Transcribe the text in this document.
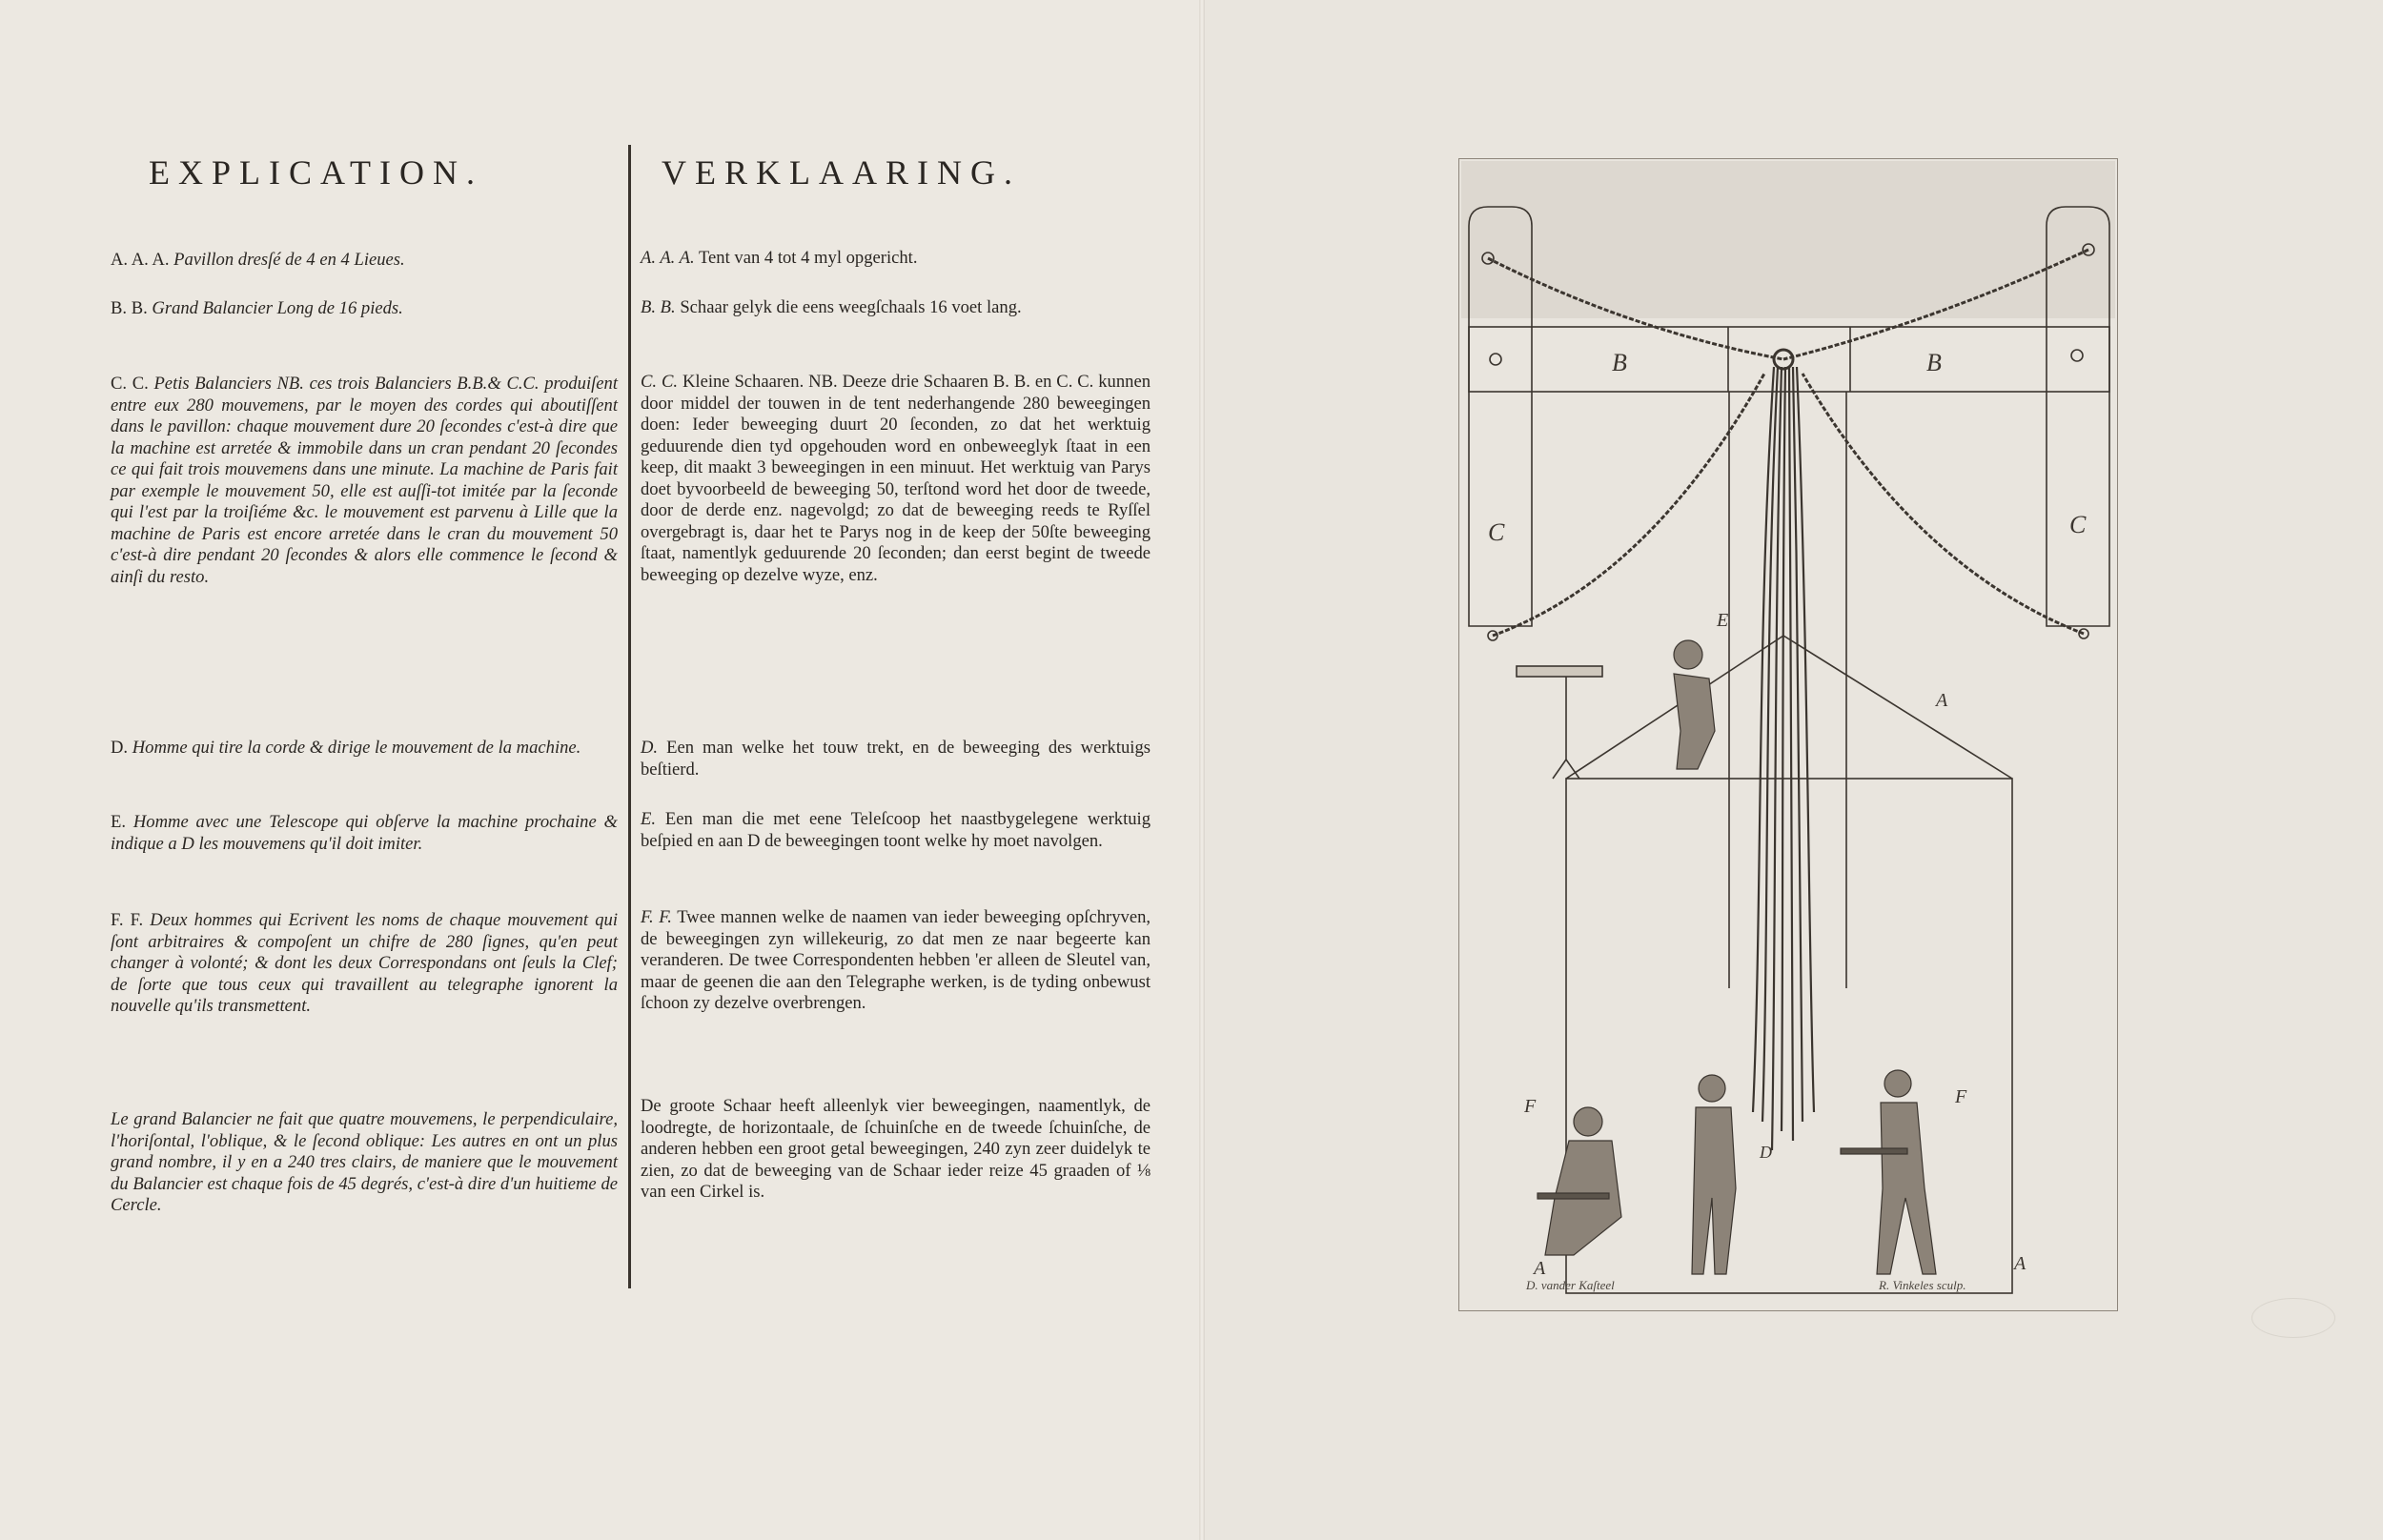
EXPLICATION.

A. A. A. Pavillon dresſé de 4 en 4 Lieues.

B. B. Grand Balancier Long de 16 pieds.

C. C. Petis Balanciers NB. ces trois Balanciers B.B.& C.C. produiſent entre eux 280 mouvemens, par le moyen des cordes qui aboutiſſent dans le pavillon: chaque mouvement dure 20 ſecondes c'est-à dire que la machine est arretée & immobile dans un cran pendant 20 ſecondes ce qui fait trois mouvemens dans une minute. La machine de Paris fait par exemple le mouvement 50, elle est auſſi-tot imitée par la ſeconde qui l'est par la troiſiéme &c. le mouvement est parvenu à Lille que la machine de Paris est encore arretée dans le cran du mouvement 50 c'est-à dire pendant 20 ſecondes & alors elle commence le ſecond & ainſi du resto.

D. Homme qui tire la corde & dirige le mouvement de la machine.

E. Homme avec une Telescope qui obſerve la machine prochaine & indique a D les mouvemens qu'il doit imiter.

F. F. Deux hommes qui Ecrivent les noms de chaque mouvement qui ſont arbitraires & compoſent un chifre de 280 ſignes, qu'en peut changer à volonté; & dont les deux Correspondans ont ſeuls la Clef; de ſorte que tous ceux qui travaillent au telegraphe ignorent la nouvelle qu'ils transmettent.

Le grand Balancier ne fait que quatre mouvemens, le perpendiculaire, l'horiſontal, l'oblique, & le ſecond oblique: Les autres en ont un plus grand nombre, il y en a 240 tres clairs, de maniere que le mouvement du Balancier est chaque fois de 45 degrés, c'est-à dire d'un huitieme de Cercle.

VERKLAARING.

A. A. A. Tent van 4 tot 4 myl opgericht.

B. B. Schaar gelyk die eens weegſchaals 16 voet lang.

C. C. Kleine Schaaren. NB. Deeze drie Schaaren B. B. en C. C. kunnen door middel der touwen in de tent nederhangende 280 beweegingen doen: Ieder beweeging duurt 20 ſeconden, zo dat het werktuig geduurende dien tyd opgehouden word en onbeweeglyk ſtaat in een keep, dit maakt 3 beweegingen in een minuut. Het werktuig van Parys doet byvoorbeeld de beweeging 50, terſtond word het door de tweede, door de derde enz. nagevolgd; zo dat de beweeging reeds te Ryſſel overgebragt is, daar het te Parys nog in de keep der 50ſte beweeging ſtaat, namentlyk geduurende 20 ſeconden; dan eerst begint de tweede beweeging op dezelve wyze, enz.

D. Een man welke het touw trekt, en de beweeging des werktuigs beſtierd.

E. Een man die met eene Teleſcoop het naastbygelegene werktuig beſpied en aan D de beweegingen toont welke hy moet navolgen.

F. F. Twee mannen welke de naamen van ieder beweeging opſchryven, de beweegingen zyn willekeurig, zo dat men ze naar begeerte kan veranderen. De twee Correspondenten hebben 'er alleen de Sleutel van, maar de geenen die aan den Telegraphe werken, is de tyding onbewust ſchoon zy dezelve overbrengen.

De groote Schaar heeft alleenlyk vier beweegingen, naamentlyk, de loodregte, de horizontaale, de ſchuinſche en de tweede ſchuinſche, de anderen hebben een groot getal beweegingen, 240 zyn zeer duidelyk te zien, zo dat de beweeging van de Schaar ieder reize 45 graaden of ⅛ van een Cirkel is.

B	B
C	C
E
A
F	F
D
A	A
D. vander Kaſteel	R. Vinkeles sculp.
